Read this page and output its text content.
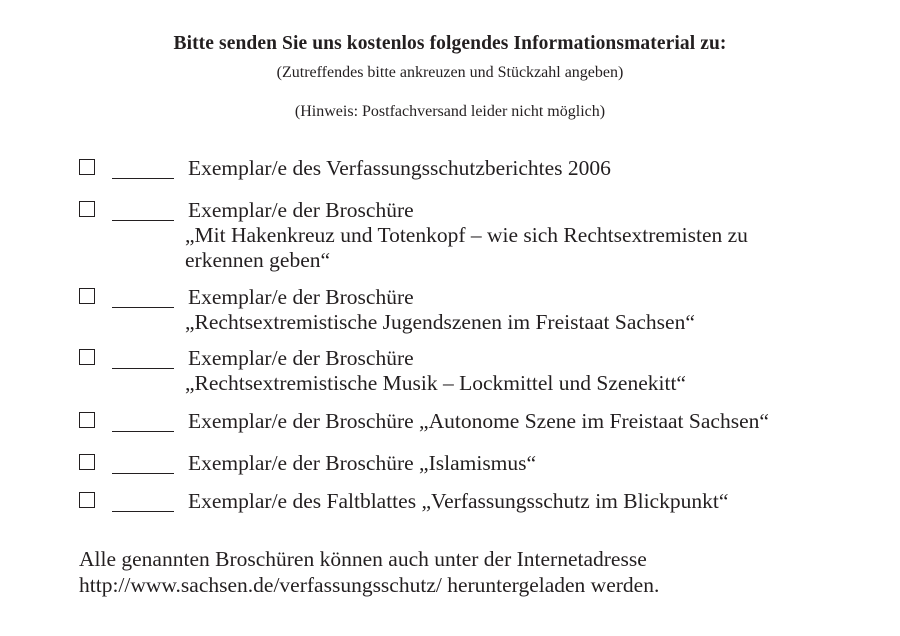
Bitte senden Sie uns kostenlos folgendes Informationsmaterial zu:
(Zutreffendes bitte ankreuzen und Stückzahl angeben)
(Hinweis: Postfachversand leider nicht möglich)
Exemplar/e des Verfassungsschutzberichtes 2006
Exemplar/e der Broschüre
„Mit Hakenkreuz und Totenkopf – wie sich Rechtsextremisten zu
erkennen geben“
Exemplar/e der Broschüre
„Rechtsextremistische Jugendszenen im Freistaat Sachsen“
Exemplar/e der Broschüre
„Rechtsextremistische Musik – Lockmittel und Szenekitt“
Exemplar/e der Broschüre „Autonome Szene im Freistaat Sachsen“
Exemplar/e der Broschüre „Islamismus“
Exemplar/e des Faltblattes „Verfassungsschutz im Blickpunkt“
Alle genannten Broschüren können auch unter der Internetadresse
http://www.sachsen.de/verfassungsschutz/ heruntergeladen werden.
